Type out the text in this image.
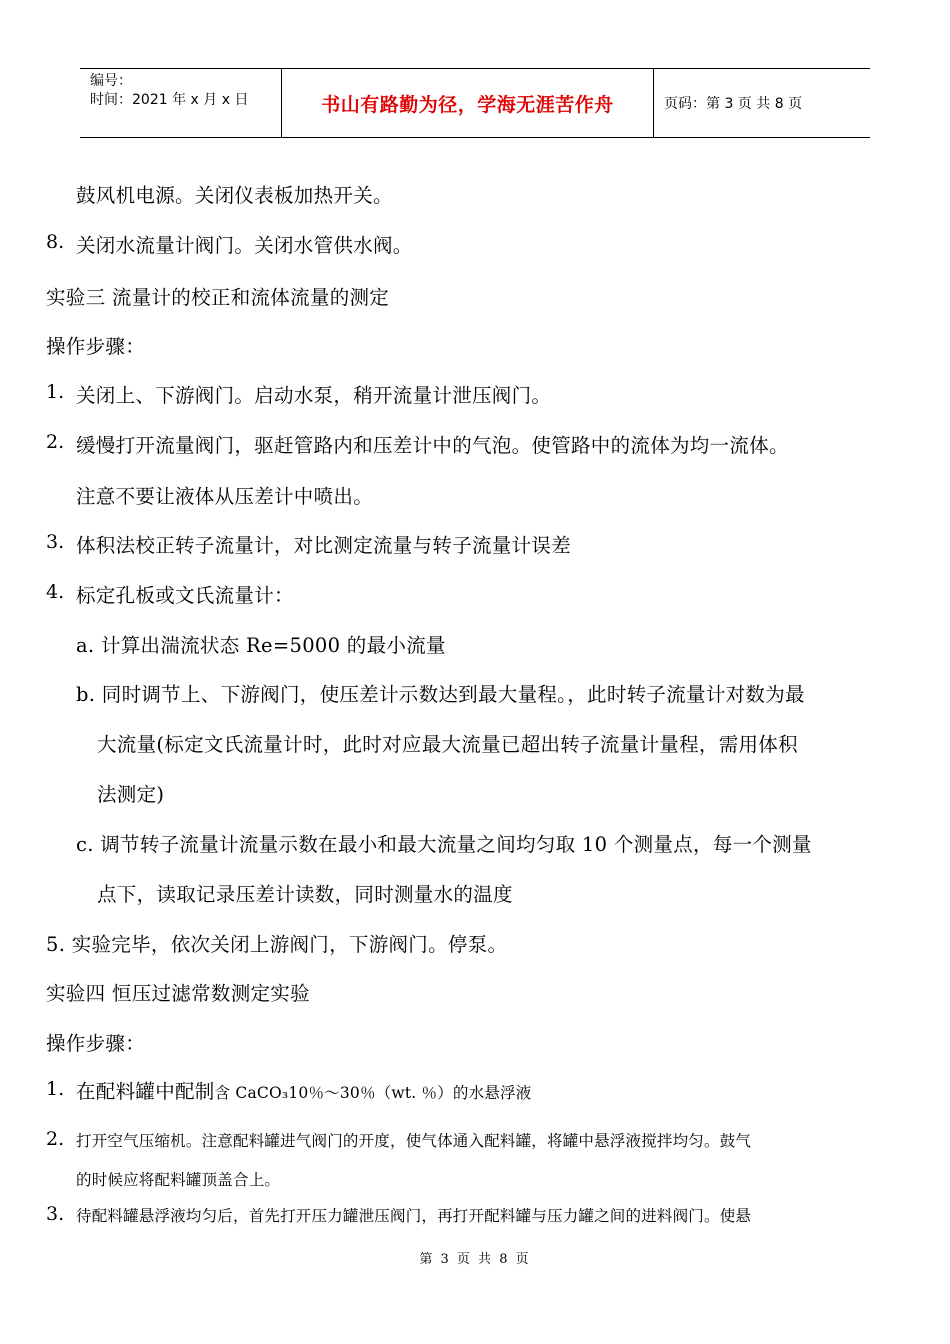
编号：
时间：2021 年 x 月 x 日	书山有路勤为径，学海无涯苦作舟	页码：第 3 页 共 8 页
鼓风机电源。关闭仪表板加热开关。
8. 关闭水流量计阀门。关闭水管供水阀。
实验三 流量计的校正和流体流量的测定
操作步骤：
1. 关闭上、下游阀门。启动水泵，稍开流量计泄压阀门。
2. 缓慢打开流量阀门，驱赶管路内和压差计中的气泡。使管路中的流体为均一流体。
注意不要让液体从压差计中喷出。
3. 体积法校正转子流量计，对比测定流量与转子流量计误差
4. 标定孔板或文氏流量计：
a. 计算出湍流状态 Re=5000 的最小流量
b. 同时调节上、下游阀门，使压差计示数达到最大量程。，此时转子流量计对数为最
大流量(标定文氏流量计时，此时对应最大流量已超出转子流量计量程，需用体积
法测定)
c. 调节转子流量计流量示数在最小和最大流量之间均匀取 10 个测量点，每一个测量
点下，读取记录压差计读数，同时测量水的温度
5. 实验完毕，依次关闭上游阀门，下游阀门。停泵。
实验四 恒压过滤常数测定实验
操作步骤：
1. 在配料罐中配制含 CaCO₃10％～30％（wt. ％）的水悬浮液
2. 打开空气压缩机。注意配料罐进气阀门的开度，使气体通入配料罐，将罐中悬浮液搅拌均匀。鼓气
的时候应将配料罐顶盖合上。
3. 待配料罐悬浮液均匀后，首先打开压力罐泄压阀门，再打开配料罐与压力罐之间的进料阀门。使悬
第 3 页 共 8 页
